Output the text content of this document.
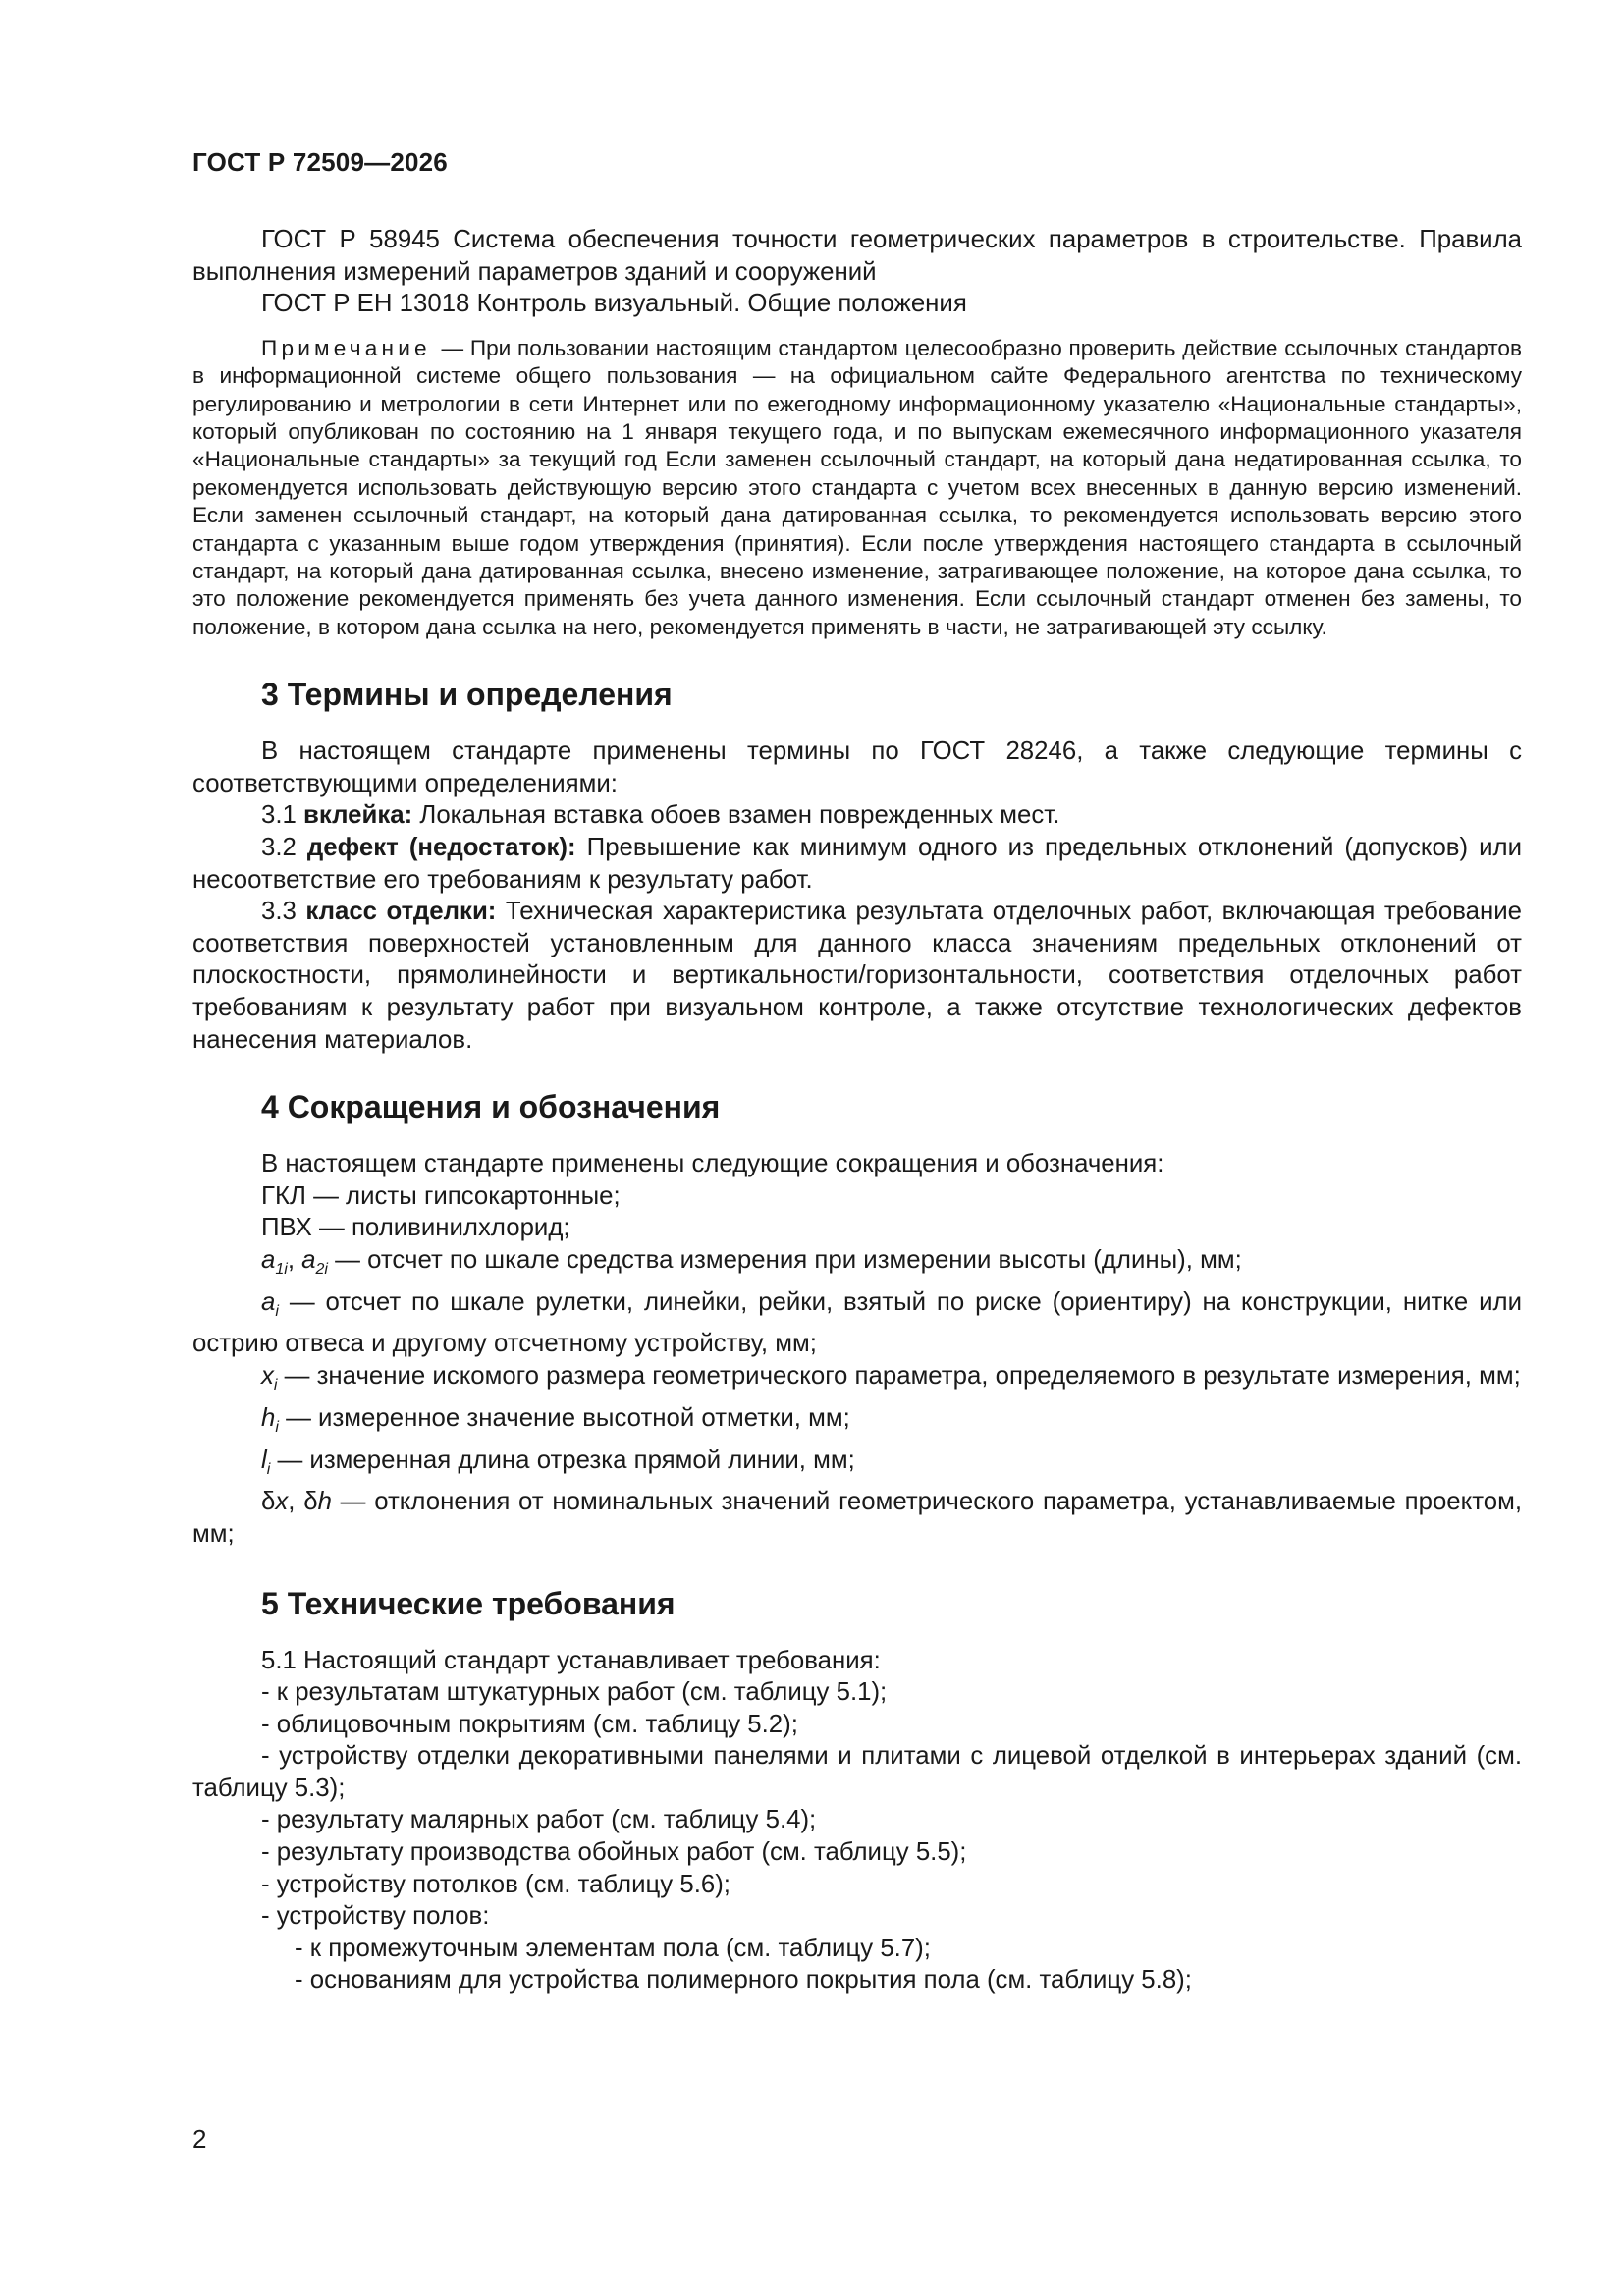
ГОСТ Р 72509—2026

ГОСТ Р 58945 Система обеспечения точности геометрических параметров в строительстве. Правила выполнения измерений параметров зданий и сооружений

ГОСТ Р ЕН 13018 Контроль визуальный. Общие положения

Примечание — При пользовании настоящим стандартом целесообразно проверить действие ссылочных стандартов в информационной системе общего пользования — на официальном сайте Федерального агентства по техническому регулированию и метрологии в сети Интернет или по ежегодному информационному указателю «Национальные стандарты», который опубликован по состоянию на 1 января текущего года, и по выпускам ежемесячного информационного указателя «Национальные стандарты» за текущий год Если заменен ссылочный стандарт, на который дана недатированная ссылка, то рекомендуется использовать действующую версию этого стандарта с учетом всех внесенных в данную версию изменений. Если заменен ссылочный стандарт, на который дана датированная ссылка, то рекомендуется использовать версию этого стандарта с указанным выше годом утверждения (принятия). Если после утверждения настоящего стандарта в ссылочный стандарт, на который дана датированная ссылка, внесено изменение, затрагивающее положение, на которое дана ссылка, то это положение рекомендуется применять без учета данного изменения. Если ссылочный стандарт отменен без замены, то положение, в котором дана ссылка на него, рекомендуется применять в части, не затрагивающей эту ссылку.

3 Термины и определения

В настоящем стандарте применены термины по ГОСТ 28246, а также следующие термины с соответствующими определениями:

3.1 вклейка: Локальная вставка обоев взамен поврежденных мест.

3.2 дефект (недостаток): Превышение как минимум одного из предельных отклонений (допусков) или несоответствие его требованиям к результату работ.

3.3 класс отделки: Техническая характеристика результата отделочных работ, включающая требование соответствия поверхностей установленным для данного класса значениям предельных отклонений от плоскостности, прямолинейности и вертикальности/горизонтальности, соответствия отделочных работ требованиям к результату работ при визуальном контроле, а также отсутствие технологических дефектов нанесения материалов.

4 Сокращения и обозначения

В настоящем стандарте применены следующие сокращения и обозначения:

ГКЛ — листы гипсокартонные;

ПВХ — поливинилхлорид;

$a_{1i}$, $a_{2i}$ — отсчет по шкале средства измерения при измерении высоты (длины), мм;

$a_i$ — отсчет по шкале рулетки, линейки, рейки, взятый по риске (ориентиру) на конструкции, нитке или острию отвеса и другому отсчетному устройству, мм;

$x_i$ — значение искомого размера геометрического параметра, определяемого в результате измерения, мм;

$h_i$ — измеренное значение высотной отметки, мм;

$l_i$ — измеренная длина отрезка прямой линии, мм;

δx, δh — отклонения от номинальных значений геометрического параметра, устанавливаемые проектом, мм;

5 Технические требования

5.1 Настоящий стандарт устанавливает требования:

- к результатам штукатурных работ (см. таблицу 5.1);

- облицовочным покрытиям (см. таблицу 5.2);

- устройству отделки декоративными панелями и плитами с лицевой отделкой в интерьерах зданий (см. таблицу 5.3);

- результату малярных работ (см. таблицу 5.4);

- результату производства обойных работ (см. таблицу 5.5);

- устройству потолков (см. таблицу 5.6);

- устройству полов:

- к промежуточным элементам пола (см. таблицу 5.7);

- основаниям для устройства полимерного покрытия пола (см. таблицу 5.8);

2
